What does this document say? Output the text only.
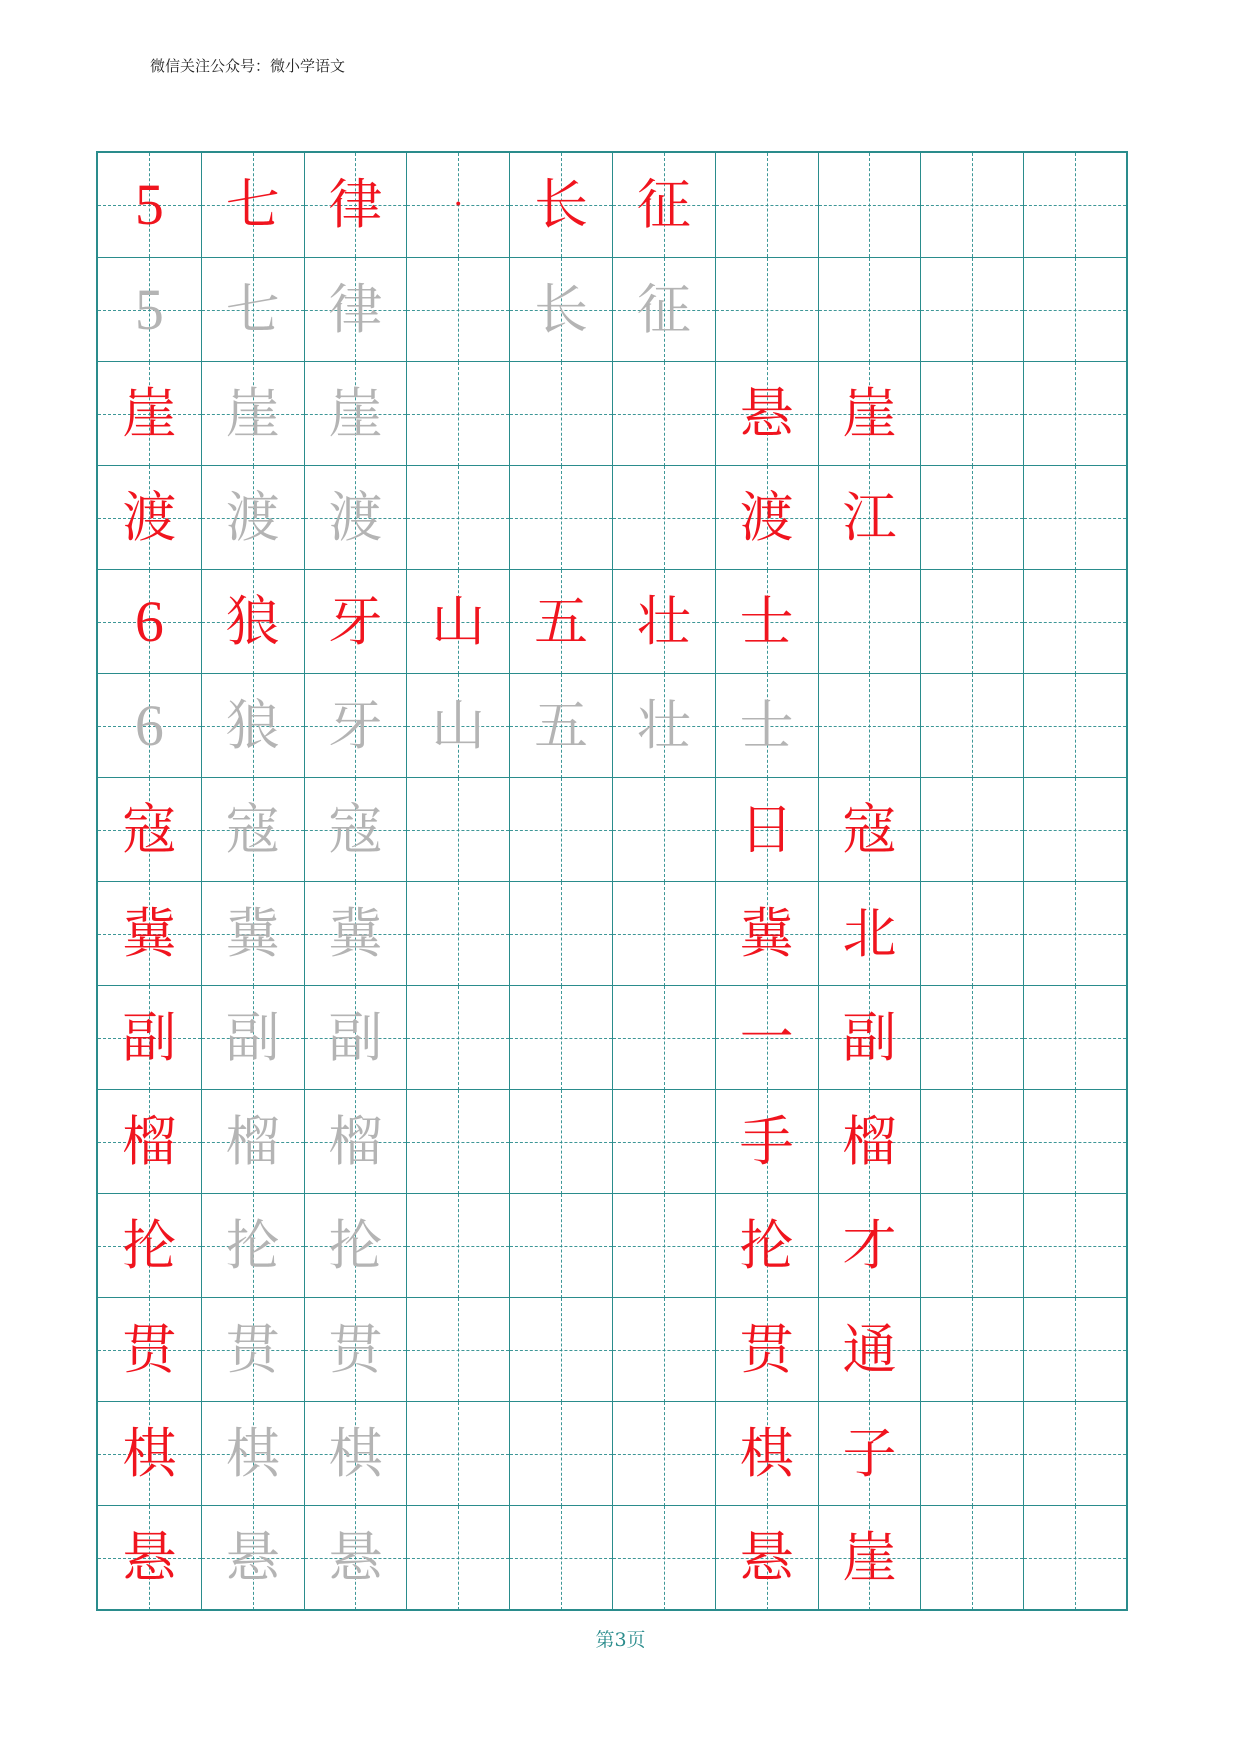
微信关注公众号：微小学语文
5 七 律 · 长 征
5 七 律	长 征
崖 崖 崖	悬 崖
渡 渡 渡	渡 江
6 狼 牙 山 五 壮 士
6 狼 牙 山 五 壮 士
寇 寇 寇	日 寇
冀 冀 冀	冀 北
副 副 副	一 副
榴 榴 榴	手 榴
抡 抡 抡	抡 才
贯 贯 贯	贯 通
棋 棋 棋	棋 子
悬 悬 悬	悬 崖
第3页
